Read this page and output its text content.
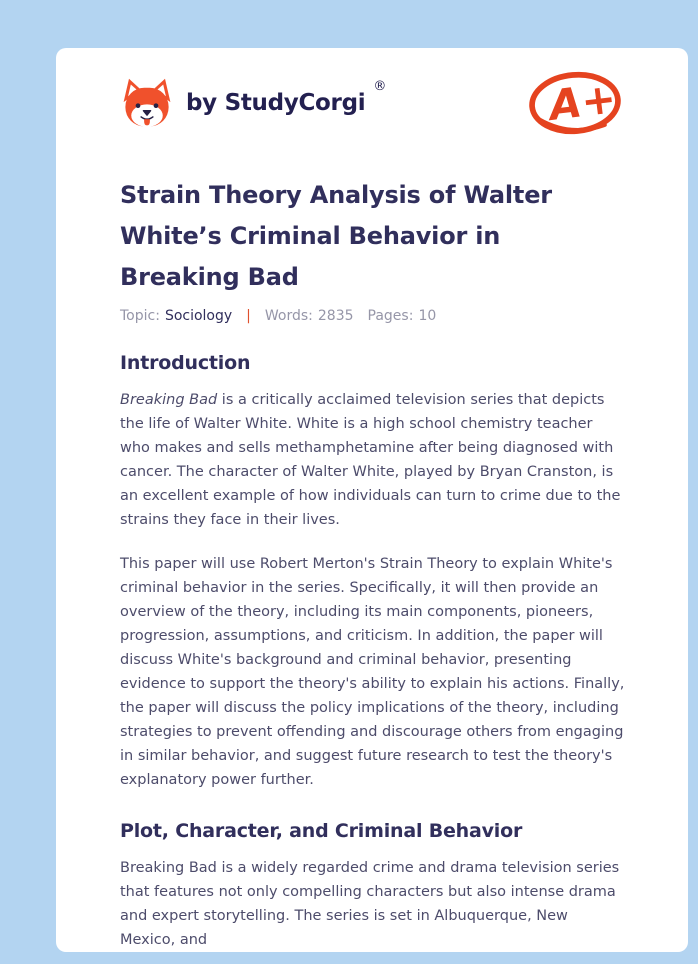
by StudyCorgi
®	A+
Strain Theory Analysis of Walter White’s Criminal Behavior in Breaking Bad
Topic: Sociology | Words: 2835 Pages: 10
Introduction

Breaking Bad is a critically acclaimed television series that depicts the life of Walter White. White is a high school chemistry teacher who makes and sells methamphetamine after being diagnosed with cancer. The character of Walter White, played by Bryan Cranston, is an excellent example of how individuals can turn to crime due to the strains they face in their lives.

This paper will use Robert Merton's Strain Theory to explain White's criminal behavior in the series. Specifically, it will then provide an overview of the theory, including its main components, pioneers, progression, assumptions, and criticism. In addition, the paper will discuss White's background and criminal behavior, presenting evidence to support the theory's ability to explain his actions. Finally, the paper will discuss the policy implications of the theory, including strategies to prevent offending and discourage others from engaging in similar behavior, and suggest future research to test the theory's explanatory power further.

Plot, Character, and Criminal Behavior

Breaking Bad is a widely regarded crime and drama television series that features not only compelling characters but also intense drama and expert storytelling. The series is set in Albuquerque, New Mexico, and
